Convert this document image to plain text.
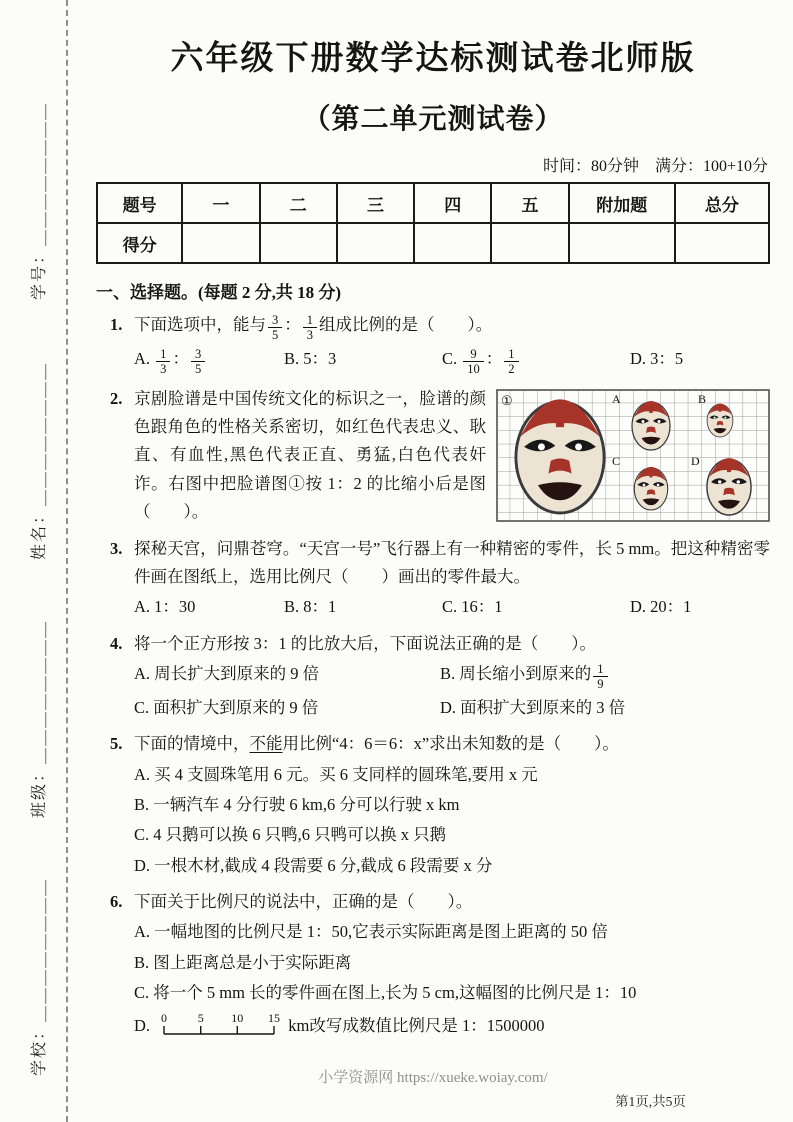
学号：＿＿＿＿＿＿＿＿
姓名：＿＿＿＿＿＿＿＿
班级：＿＿＿＿＿＿＿＿
学校：＿＿＿＿＿＿＿＿
六年级下册数学达标测试卷北师版
（第二单元测试卷）
时间：80分钟　满分：100+10分
题号	一	二	三	四	五	附加题	总分
得分							
一、选择题。(每题 2 分,共 18 分)
1. 下面选项中，能与 $\frac{3}{5}$ ： $\frac{1}{3}$ 组成比例的是（　　）。
A. $\frac{1}{3}$ ： $\frac{3}{5}$	B. 5：3	C. $\frac{9}{10}$ ： $\frac{1}{2}$	D. 3：5
①	A	B
C	D
2. 京剧脸谱是中国传统文化的标识之一，脸谱的颜色跟角色的性格关系密切，如红色代表忠义、耿直、有血性,黑色代表正直、勇猛,白色代表奸诈。右图中把脸谱图①按 1：2 的比缩小后是图（　　）。
3. 探秘天宫，问鼎苍穹。“天宫一号”飞行器上有一种精密的零件，长 5 mm。把这种精密零件画在图纸上，选用比例尺（　　）画出的零件最大。
A. 1：30	B. 8：1	C. 16：1	D. 20：1
4. 将一个正方形按 3：1 的比放大后，下面说法正确的是（　　）。
A. 周长扩大到原来的 9 倍	B. 周长缩小到原来的 $\frac{1}{9}$
C. 面积扩大到原来的 9 倍	D. 面积扩大到原来的 3 倍
5. 下面的情境中，不能用比例“4：6＝6：x”求出未知数的是（　　）。
A. 买 4 支圆珠笔用 6 元。买 6 支同样的圆珠笔,要用 x 元
B. 一辆汽车 4 分行驶 6 km,6 分可以行驶 x km
C. 4 只鹅可以换 6 只鸭,6 只鸭可以换 x 只鹅
D. 一根木材,截成 4 段需要 6 分,截成 6 段需要 x 分
6. 下面关于比例尺的说法中，正确的是（　　）。
A. 一幅地图的比例尺是 1：50,它表示实际距离是图上距离的 50 倍
B. 图上距离总是小于实际距离
C. 将一个 5 mm 长的零件画在图上,长为 5 cm,这幅图的比例尺是 1：10
D. 0	5 10 15 km改写成数值比例尺是 1：1500000
小学资源网 https://xueke.woiay.com/
第1页,共5页
